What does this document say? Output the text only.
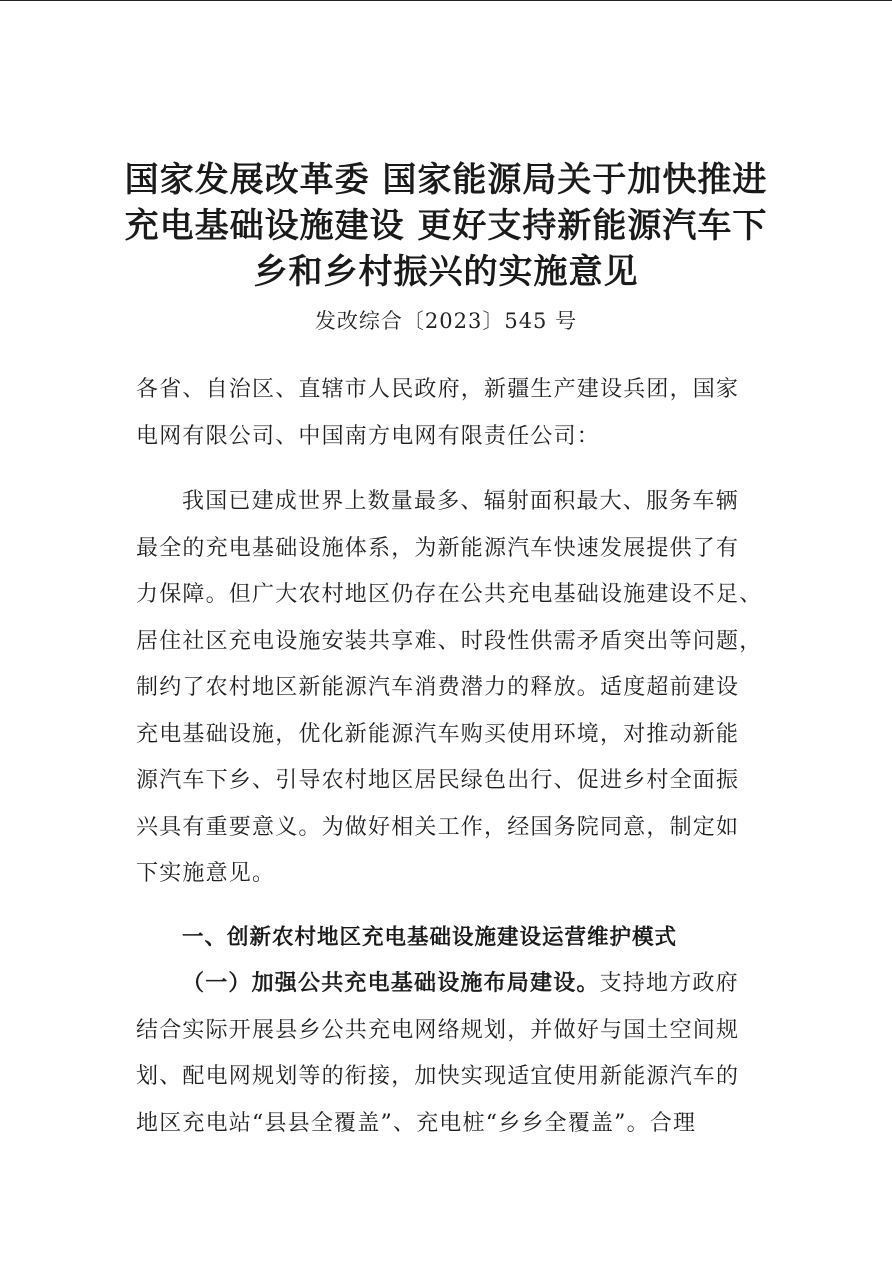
国家发展改革委 国家能源局关于加快推进
充电基础设施建设 更好支持新能源汽车下
乡和乡村振兴的实施意见
发改综合〔2023〕545 号
各省、自治区、直辖市人民政府，新疆生产建设兵团，国家
电网有限公司、中国南方电网有限责任公司：
我国已建成世界上数量最多、辐射面积最大、服务车辆
最全的充电基础设施体系，为新能源汽车快速发展提供了有
力保障。但广大农村地区仍存在公共充电基础设施建设不足、
居住社区充电设施安装共享难、时段性供需矛盾突出等问题，
制约了农村地区新能源汽车消费潜力的释放。适度超前建设
充电基础设施，优化新能源汽车购买使用环境，对推动新能
源汽车下乡、引导农村地区居民绿色出行、促进乡村全面振
兴具有重要意义。为做好相关工作，经国务院同意，制定如
下实施意见。
一、创新农村地区充电基础设施建设运营维护模式
（一）加强公共充电基础设施布局建设。支持地方政府
结合实际开展县乡公共充电网络规划，并做好与国土空间规
划、配电网规划等的衔接，加快实现适宜使用新能源汽车的
地区充电站“县县全覆盖”、充电桩“乡乡全覆盖”。合理
